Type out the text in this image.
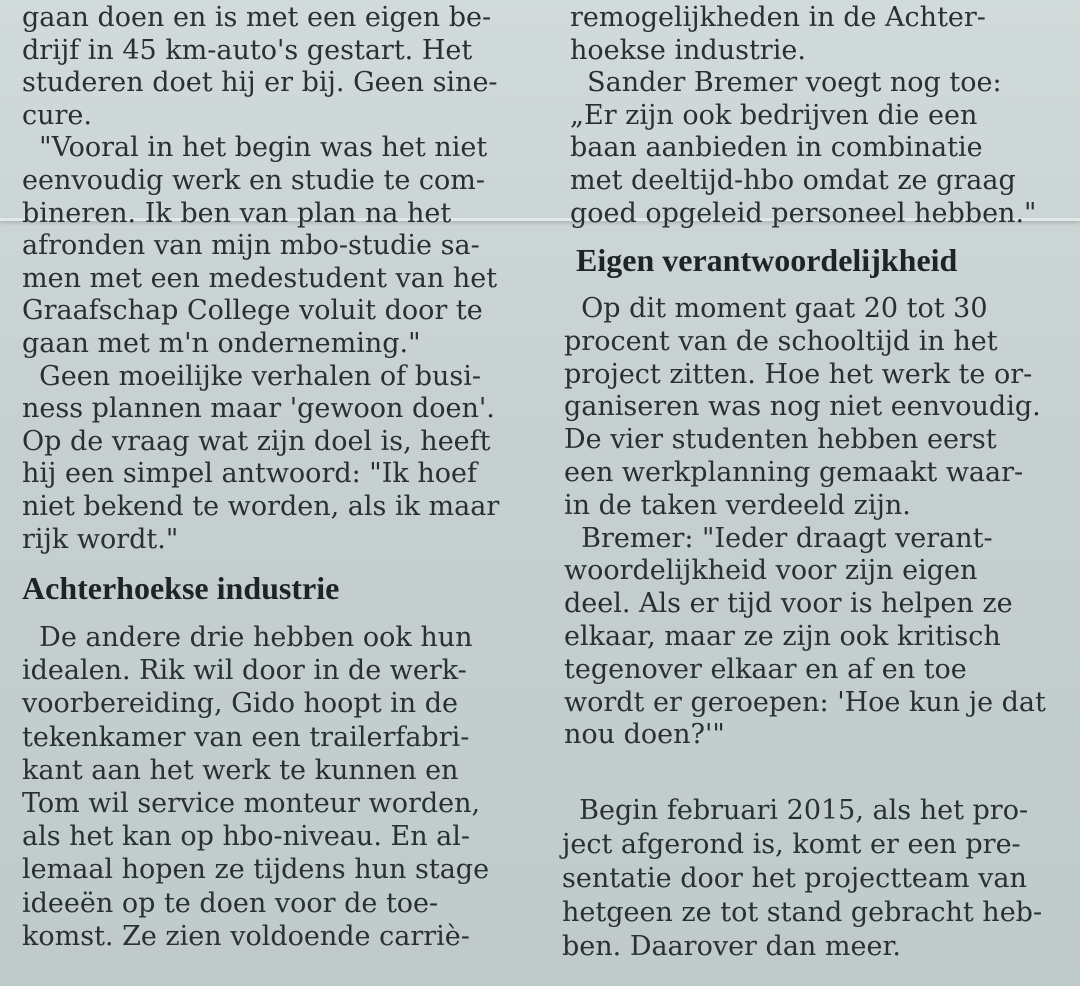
gaan doen en is met een eigen be-
drijf in 45 km-auto's gestart. Het
studeren doet hij er bij. Geen sine-
cure.
"Vooral in het begin was het niet
eenvoudig werk en studie te com-
bineren. Ik ben van plan na het
afronden van mijn mbo-studie sa-
men met een medestudent van het
Graafschap College voluit door te
gaan met m'n onderneming."
Geen moeilijke verhalen of busi-
ness plannen maar 'gewoon doen'.
Op de vraag wat zijn doel is, heeft
hij een simpel antwoord: "Ik hoef
niet bekend te worden, als ik maar
rijk wordt."
Achterhoekse industrie
De andere drie hebben ook hun
idealen. Rik wil door in de werk-
voorbereiding, Gido hoopt in de
tekenkamer van een trailerfabri-
kant aan het werk te kunnen en
Tom wil service monteur worden,
als het kan op hbo-niveau. En al-
lemaal hopen ze tijdens hun stage
ideeën op te doen voor de toe-
komst. Ze zien voldoende carriè-
remogelijkheden in de Achter-
hoekse industrie.
Sander Bremer voegt nog toe:
„Er zijn ook bedrijven die een
baan aanbieden in combinatie
met deeltijd-hbo omdat ze graag
goed opgeleid personeel hebben."
Eigen verantwoordelijkheid
Op dit moment gaat 20 tot 30
procent van de schooltijd in het
project zitten. Hoe het werk te or-
ganiseren was nog niet eenvoudig.
De vier studenten hebben eerst
een werkplanning gemaakt waar-
in de taken verdeeld zijn.
Bremer: "Ieder draagt verant-
woordelijkheid voor zijn eigen
deel. Als er tijd voor is helpen ze
elkaar, maar ze zijn ook kritisch
tegenover elkaar en af en toe
wordt er geroepen: 'Hoe kun je dat
nou doen?'"
Begin februari 2015, als het pro-
ject afgerond is, komt er een pre-
sentatie door het projectteam van
hetgeen ze tot stand gebracht heb-
ben. Daarover dan meer.
